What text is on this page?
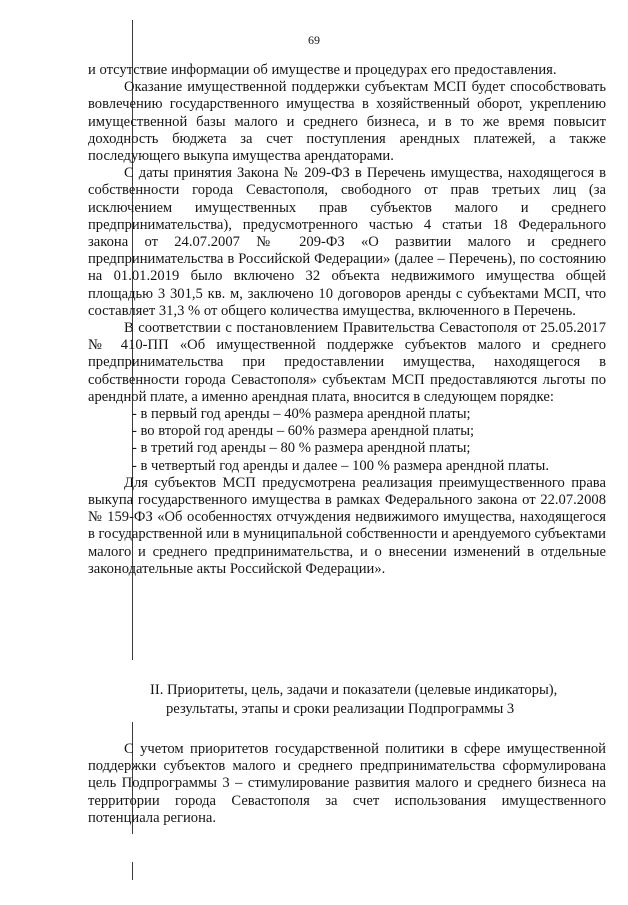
69

и отсутствие информации об имуществе и процедурах его предоставления.

Оказание имущественной поддержки субъектам МСП будет способствовать вовлечению государственного имущества в хозяйственный оборот, укреплению имущественной базы малого и среднего бизнеса, и в то же время повысит доходность бюджета за счет поступления арендных платежей, а также последующего выкупа имущества арендаторами.

С даты принятия Закона № 209-ФЗ в Перечень имущества, находящегося в собственности города Севастополя, свободного от прав третьих лиц (за исключением имущественных прав субъектов малого и среднего предпринимательства), предусмотренного частью 4 статьи 18 Федерального закона от 24.07.2007 № 209-ФЗ «О развитии малого и среднего предпринимательства в Российской Федерации» (далее – Перечень), по состоянию на 01.01.2019 было включено 32 объекта недвижимого имущества общей площадью 3 301,5 кв. м, заключено 10 договоров аренды с субъектами МСП, что составляет 31,3 % от общего количества имущества, включенного в Перечень.

В соответствии с постановлением Правительства Севастополя от 25.05.2017 № 410-ПП «Об имущественной поддержке субъектов малого и среднего предпринимательства при предоставлении имущества, находящегося в собственности города Севастополя» субъектам МСП предоставляются льготы по арендной плате, а именно арендная плата, вносится в следующем порядке:

- в первый год аренды – 40% размера арендной платы;
- во второй год аренды – 60% размера арендной платы;
- в третий год аренды – 80 % размера арендной платы;
- в четвертый год аренды и далее – 100 % размера арендной платы.

Для субъектов МСП предусмотрена реализация преимущественного права выкупа государственного имущества в рамках Федерального закона от 22.07.2008 № 159-ФЗ «Об особенностях отчуждения недвижимого имущества, находящегося в государственной или в муниципальной собственности и арендуемого субъектами малого и среднего предпринимательства, и о внесении изменений в отдельные законодательные акты Российской Федерации».

II. Приоритеты, цель, задачи и показатели (целевые индикаторы),
результаты, этапы и сроки реализации Подпрограммы 3

С учетом приоритетов государственной политики в сфере имущественной поддержки субъектов малого и среднего предпринимательства сформулирована цель Подпрограммы 3 – стимулирование развития малого и среднего бизнеса на территории города Севастополя за счет использования имущественного потенциала региона.
